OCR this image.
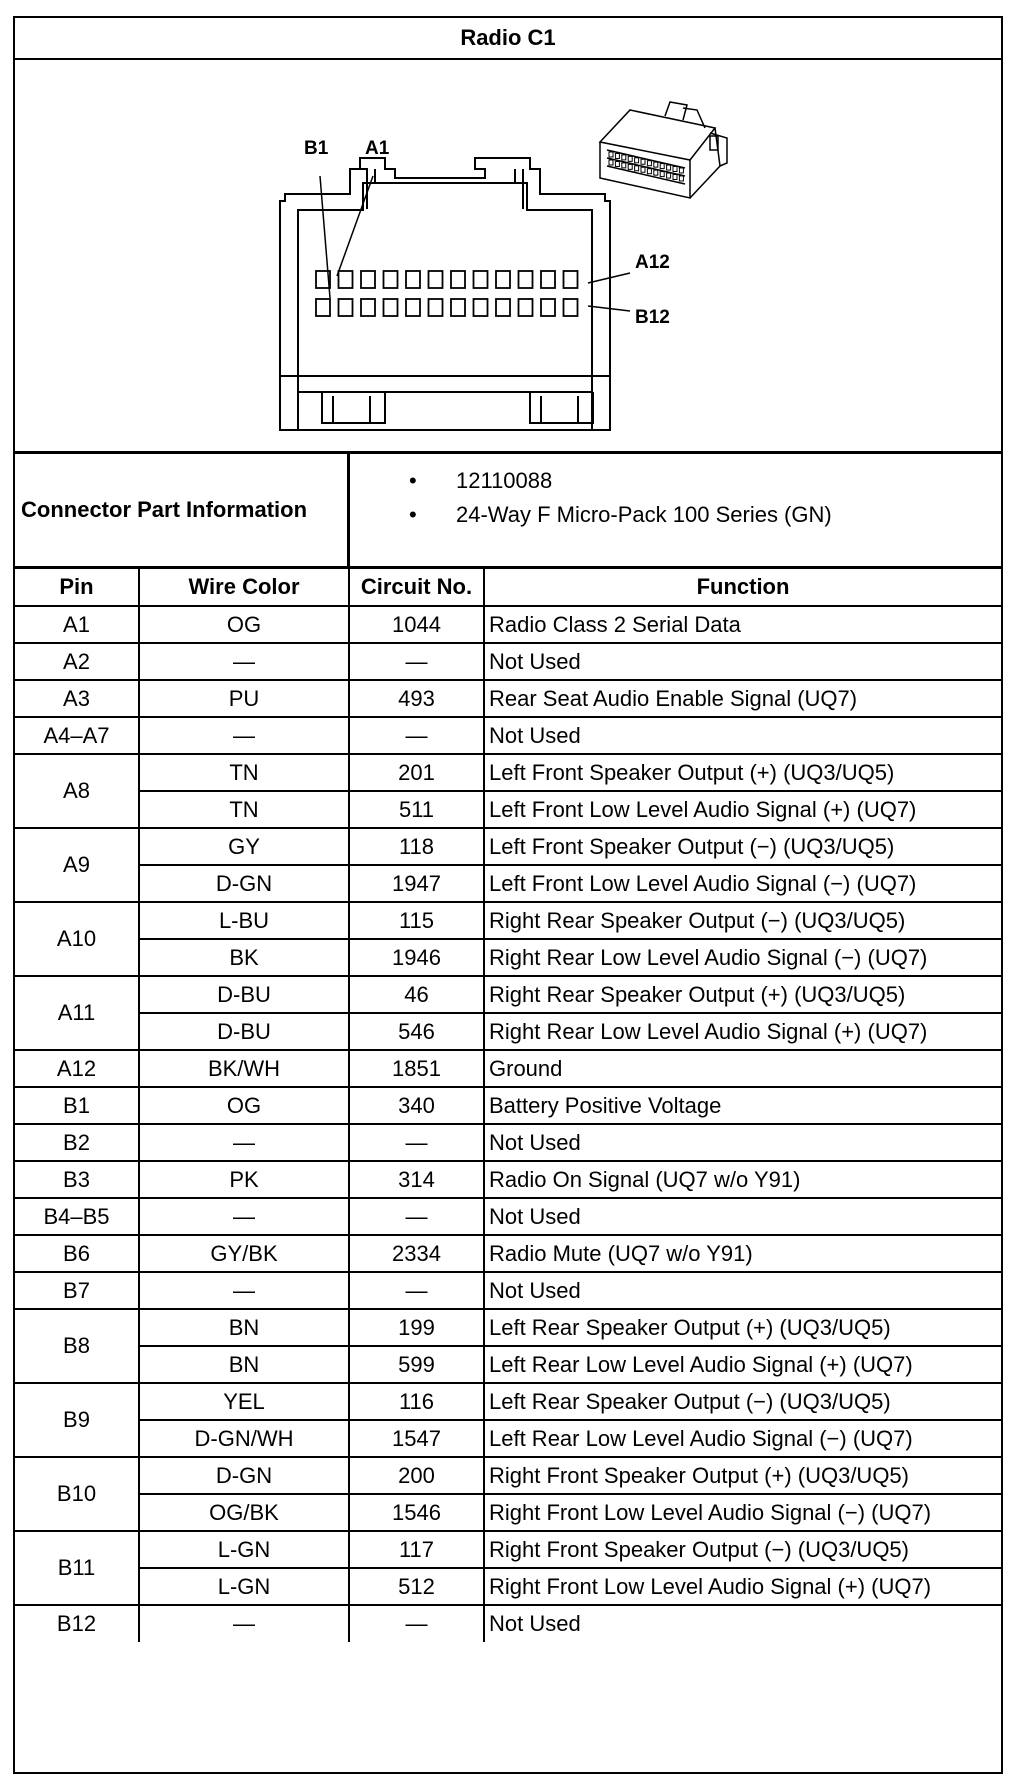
Radio C1
B1 A1
A12
B12
Connector Part Information
• 12110088
• 24-Way F Micro-Pack 100 Series (GN)
Pin	Wire Color	Circuit No.	Function
A1	OG	1044	Radio Class 2 Serial Data
A2	—	—	Not Used
A3	PU	493	Rear Seat Audio Enable Signal (UQ7)
A4–A7	—	—	Not Used
A8	TN	201	Left Front Speaker Output (+) (UQ3/UQ5)
	TN	511	Left Front Low Level Audio Signal (+) (UQ7)
A9	GY	118	Left Front Speaker Output (−) (UQ3/UQ5)
	D-GN	1947	Left Front Low Level Audio Signal (−) (UQ7)
A10	L-BU	115	Right Rear Speaker Output (−) (UQ3/UQ5)
	BK	1946	Right Rear Low Level Audio Signal (−) (UQ7)
A11	D-BU	46	Right Rear Speaker Output (+) (UQ3/UQ5)
	D-BU	546	Right Rear Low Level Audio Signal (+) (UQ7)
A12	BK/WH	1851	Ground
B1	OG	340	Battery Positive Voltage
B2	—	—	Not Used
B3	PK	314	Radio On Signal (UQ7 w/o Y91)
B4–B5	—	—	Not Used
B6	GY/BK	2334	Radio Mute (UQ7 w/o Y91)
B7	—	—	Not Used
B8	BN	199	Left Rear Speaker Output (+) (UQ3/UQ5)
	BN	599	Left Rear Low Level Audio Signal (+) (UQ7)
B9	YEL	116	Left Rear Speaker Output (−) (UQ3/UQ5)
	D-GN/WH	1547	Left Rear Low Level Audio Signal (−) (UQ7)
B10	D-GN	200	Right Front Speaker Output (+) (UQ3/UQ5)
	OG/BK	1546	Right Front Low Level Audio Signal (−) (UQ7)
B11	L-GN	117	Right Front Speaker Output (−) (UQ3/UQ5)
	L-GN	512	Right Front Low Level Audio Signal (+) (UQ7)
B12	—	—	Not Used
